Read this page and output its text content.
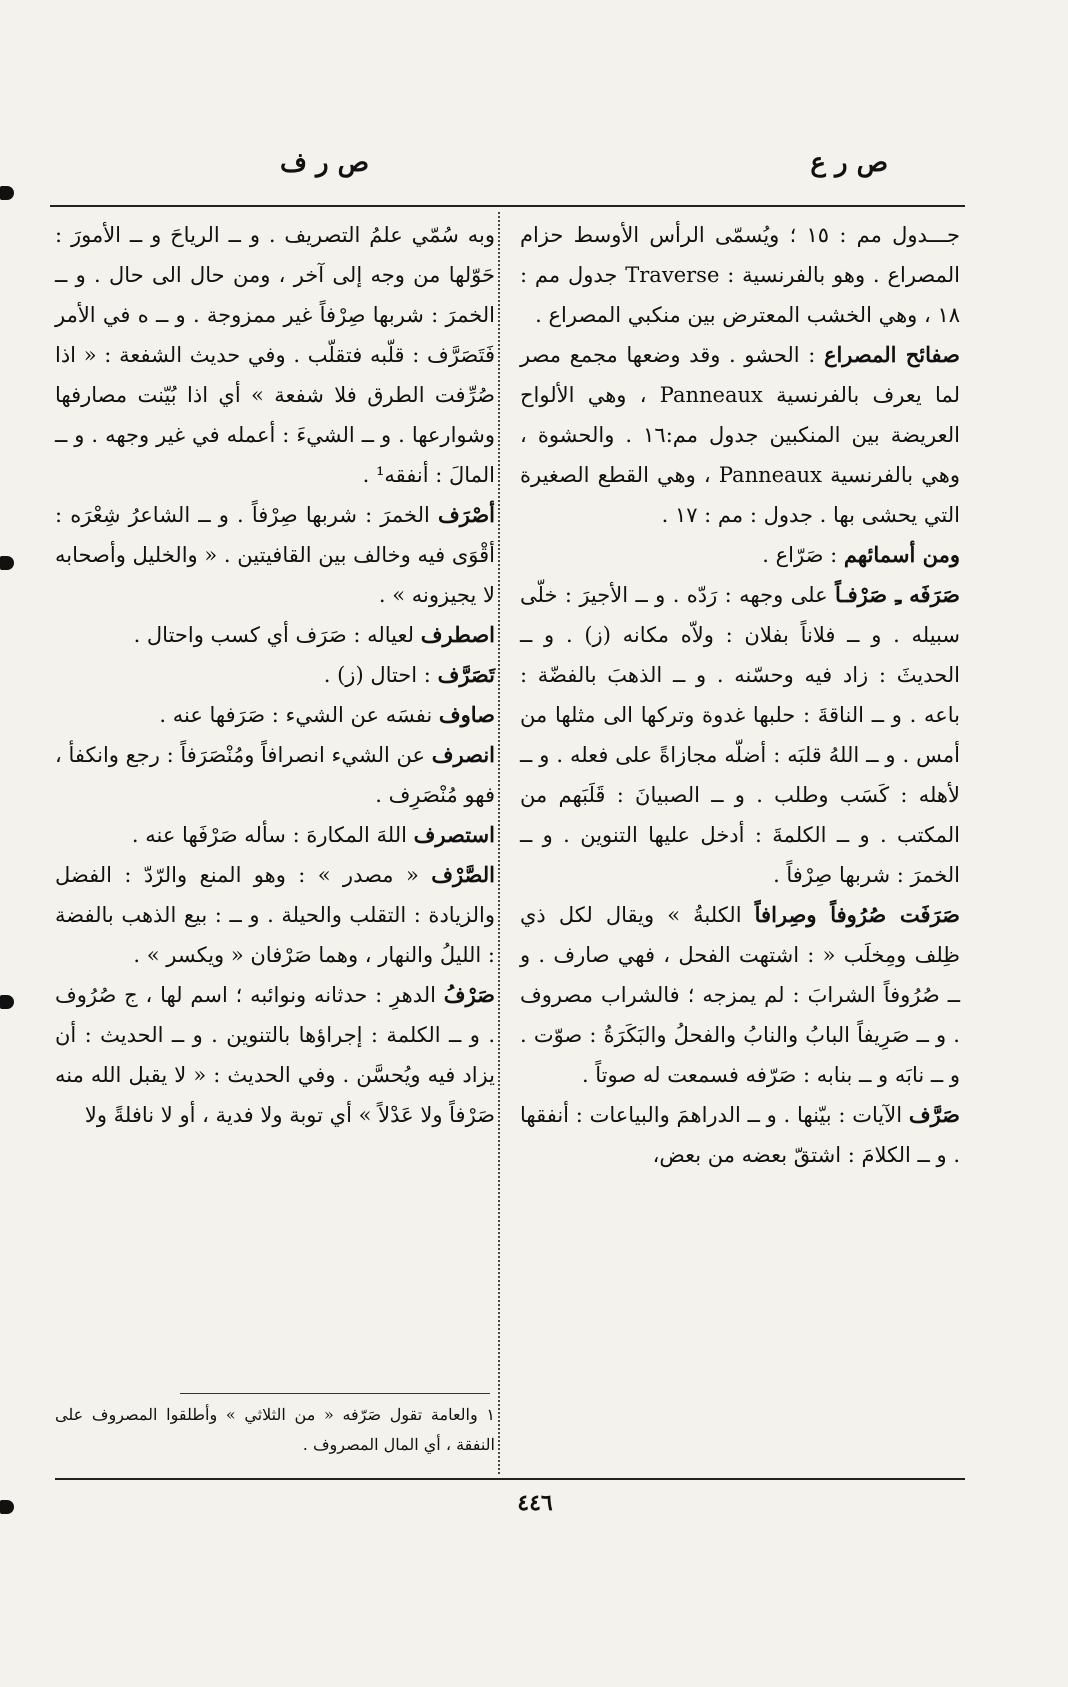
ص ر ع
ص ر ف

جـــدول مم : ١٥ ؛ ويُسمّى الرأس الأوسط حزام المصراع . وهو بالفرنسية : Traverse جدول مم : ١٨ ، وهي الخشب المعترض بين منكبي المصراع .

صفائح المصراع : الحشو . وقد وضعها مجمع مصر لما يعرف بالفرنسية Panneaux ، وهي الألواح العريضة بين المنكبين جدول مم:١٦ . والحشوة ، وهي بالفرنسية Panneaux ، وهي القطع الصغيرة التي يحشى بها . جدول : مم : ١٧ .

ومن أسمائهم : صَرّاع .

صَرَفَه ـِ صَرْفـاً على وجهه : رَدّه . و ــ الأجيرَ : خلّى سبيله . و ــ فلاناً بفلان : ولاّه مكانه (ز) . و ــ الحديثَ : زاد فيه وحسّنه . و ــ الذهبَ بالفضّة : باعه . و ــ الناقةَ : حلبها غدوة وتركها الى مثلها من أمس . و ــ اللهُ قلبَه : أضلّه مجازاةً على فعله . و ــ لأهله : كَسَب وطلب . و ــ الصبيانَ : قَلَبَهم من المكتب . و ــ الكلمةَ : أدخل عليها التنوين . و ــ الخمرَ : شربها صِرْفاً .

صَرَفَت صُرُوفاً وصِرافاً الكلبةُ » ويقال لكل ذي ظِلف ومِخلَب « : اشتهت الفحل ، فهي صارف . و ــ صُرُوفاً الشرابَ : لم يمزجه ؛ فالشراب مصروف . و ــ صَرِيفاً البابُ والنابُ والفحلُ والبَكَرَةُ : صوّت . و ــ نابَه و ــ بنابه : صَرّفه فسمعت له صوتاً .

صَرَّف الآيات : بيّنها . و ــ الدراهمَ والبياعات : أنفقها . و ــ الكلامَ : اشتقّ بعضه من بعض،

وبه سُمّي علمُ التصريف . و ــ الرياحَ و ــ الأمورَ : حَوّلها من وجه إلى آخر ، ومن حال الى حال . و ــ الخمرَ : شربها صِرْفاً غير ممزوجة . و ــ ه في الأمر فَتَصَرَّف : قلّبه فتقلّب . وفي حديث الشفعة : « اذا صُرِّفت الطرق فلا شفعة » أي اذا بُيّنت مصارفها وشوارعها . و ــ الشيءَ : أعمله في غير وجهه . و ــ المالَ : أنفقه¹ .

أصْرَف الخمرَ : شربها صِرْفاً . و ــ الشاعرُ شِعْرَه : أقْوَى فيه وخالف بين القافيتين . « والخليل وأصحابه لا يجيزونه » .

اصطرف لعياله : صَرَف أي كسب واحتال .

تَصَرَّف : احتال (ز) .

صاوف نفسَه عن الشيء : صَرَفها عنه .

انصرف عن الشيء انصرافاً ومُنْصَرَفاً : رجع وانكفأ ، فهو مُنْصَرِف .

استصرف اللهَ المكارهَ : سأله صَرْفَها عنه .

الصَّرْف « مصدر » : وهو المنع والرّدّ : الفضل والزيادة : التقلب والحيلة . و ــ : بيع الذهب بالفضة : الليلُ والنهار ، وهما صَرْفان « ويكسر » .

صَرْفُ الدهرِ : حدثانه ونوائبه ؛ اسم لها ، ج صُرُوف . و ــ الكلمة : إجراؤها بالتنوين . و ــ الحديث : أن يزاد فيه ويُحسَّن . وفي الحديث : « لا يقبل الله منه صَرْفاً ولا عَدْلاً » أي توبة ولا فدية ، أو لا نافلةً ولا

١ والعامة تقول صَرّفه « من الثلاثي » وأطلقوا المصروف على النفقة ، أي المال المصروف .
٤٤٦
